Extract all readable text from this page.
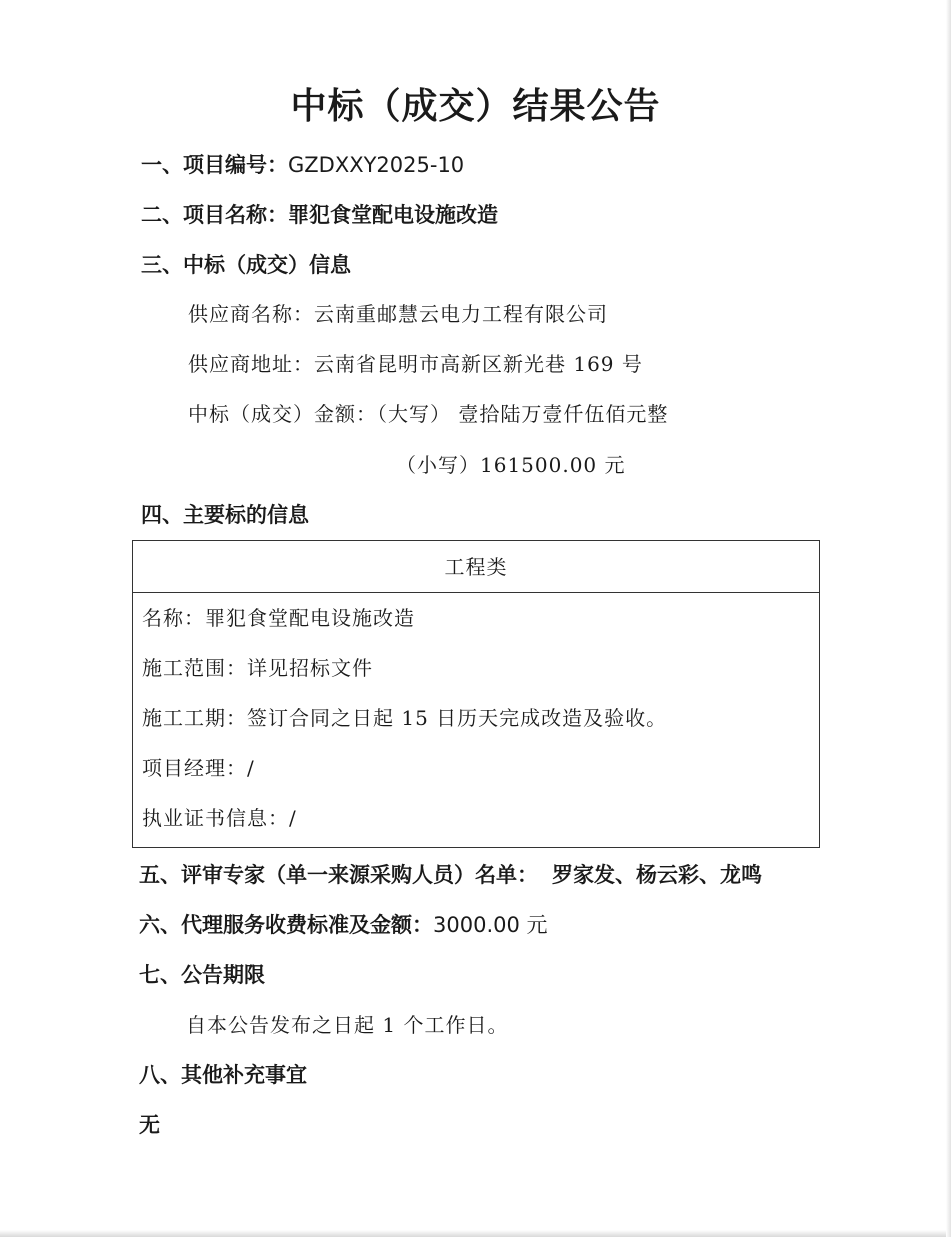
中标（成交）结果公告
一、项目编号：GZDXXY2025-10
二、项目名称：罪犯食堂配电设施改造
三、中标（成交）信息
供应商名称：云南重邮慧云电力工程有限公司
供应商地址：云南省昆明市高新区新光巷 169 号
中标（成交）金额：（大写） 壹拾陆万壹仟伍佰元整
（小写）161500.00 元
四、主要标的信息
工程类
名称：罪犯食堂配电设施改造
施工范围：详见招标文件
施工工期：签订合同之日起 15 日历天完成改造及验收。
项目经理：/
执业证书信息：/
五、评审专家（单一来源采购人员）名单： 罗家发、杨云彩、龙鸣
六、代理服务收费标准及金额：3000.00 元
七、公告期限
自本公告发布之日起 1 个工作日。
八、其他补充事宜
无
